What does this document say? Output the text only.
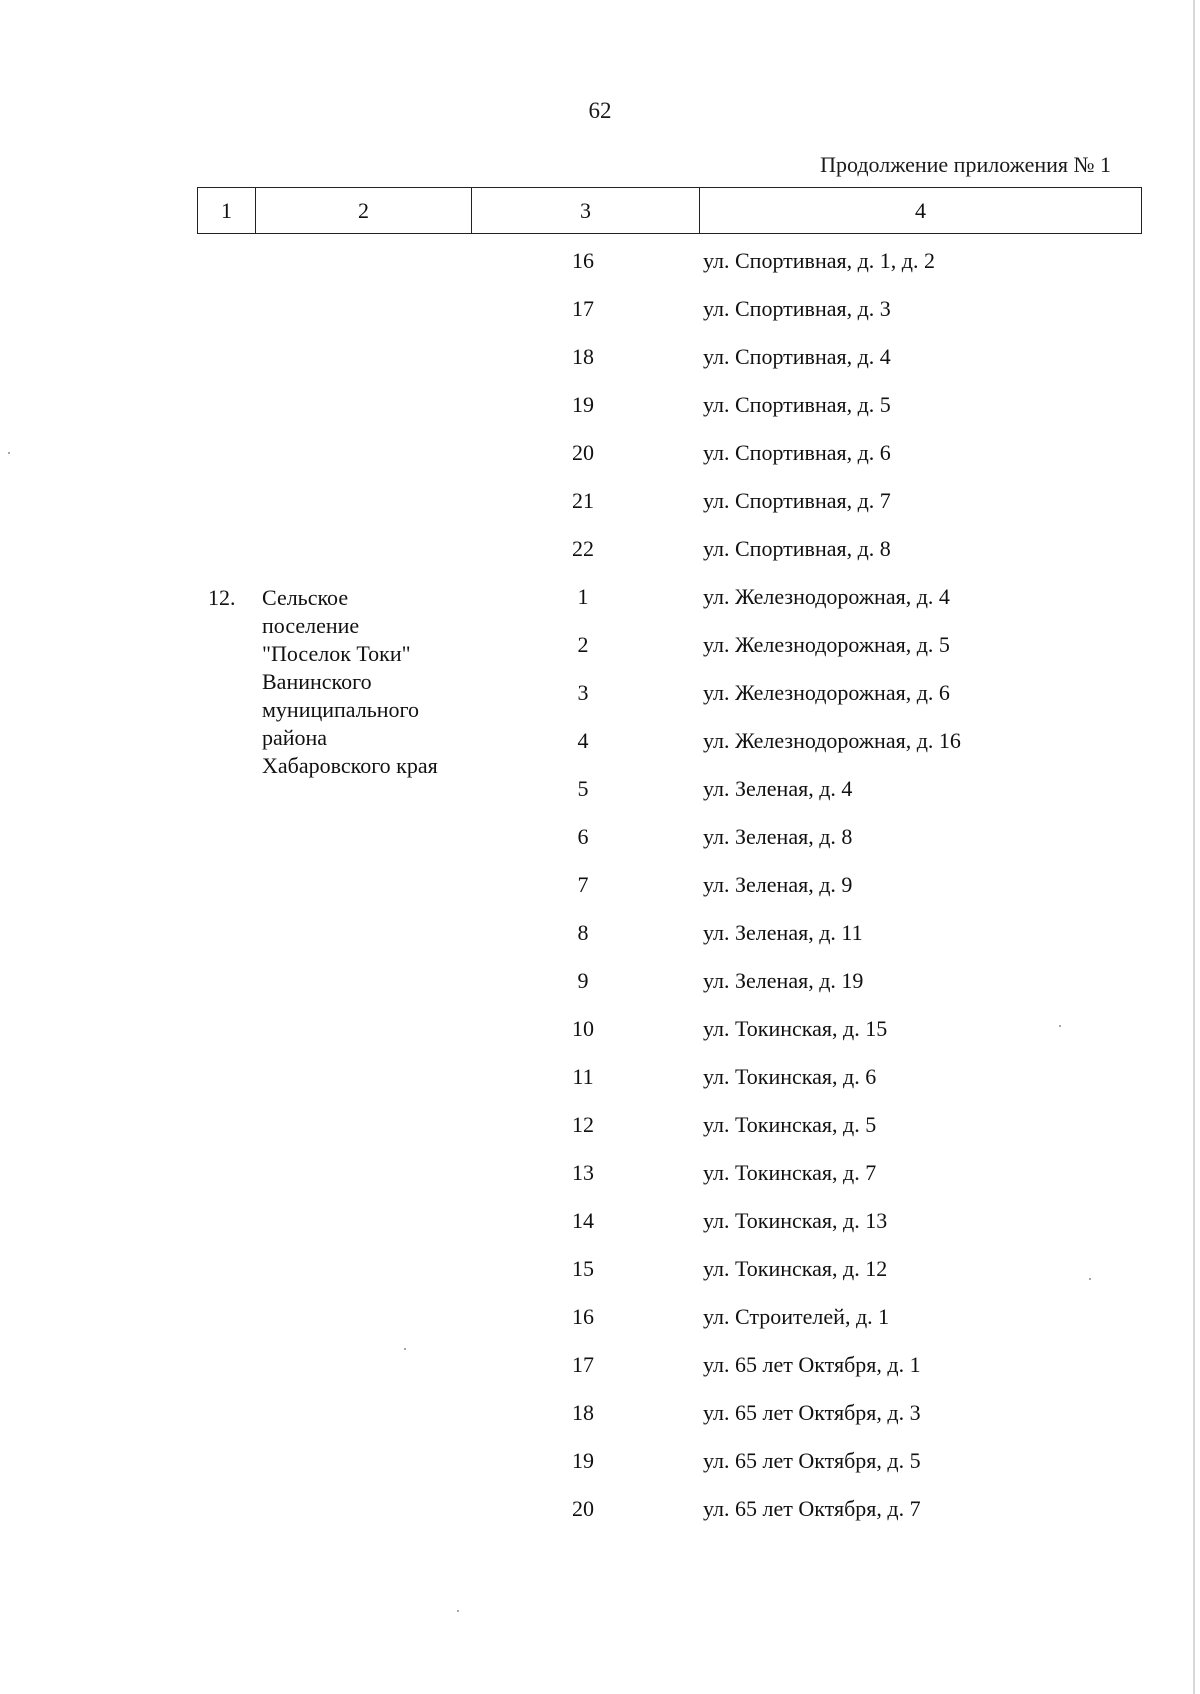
62
Продолжение приложения № 1
1	2	3	4
16	ул. Спортивная, д. 1, д. 2
17	ул. Спортивная, д. 3
18	ул. Спортивная, д. 4
19	ул. Спортивная, д. 5
20	ул. Спортивная, д. 6
21	ул. Спортивная, д. 7
22	ул. Спортивная, д. 8
12. Сельское
поселение
"Поселок Токи"
Ванинского
муниципального
района
Хабаровского края
1	ул. Железнодорожная, д. 4
2	ул. Железнодорожная, д. 5
3	ул. Железнодорожная, д. 6
4	ул. Железнодорожная, д. 16
5	ул. Зеленая, д. 4
6	ул. Зеленая, д. 8
7	ул. Зеленая, д. 9
8	ул. Зеленая, д. 11
9	ул. Зеленая, д. 19
10	ул. Токинская, д. 15
11	ул. Токинская, д. 6
12	ул. Токинская, д. 5
13	ул. Токинская, д. 7
14	ул. Токинская, д. 13
15	ул. Токинская, д. 12
16	ул. Строителей, д. 1
17	ул. 65 лет Октября, д. 1
18	ул. 65 лет Октября, д. 3
19	ул. 65 лет Октября, д. 5
20	ул. 65 лет Октября, д. 7
